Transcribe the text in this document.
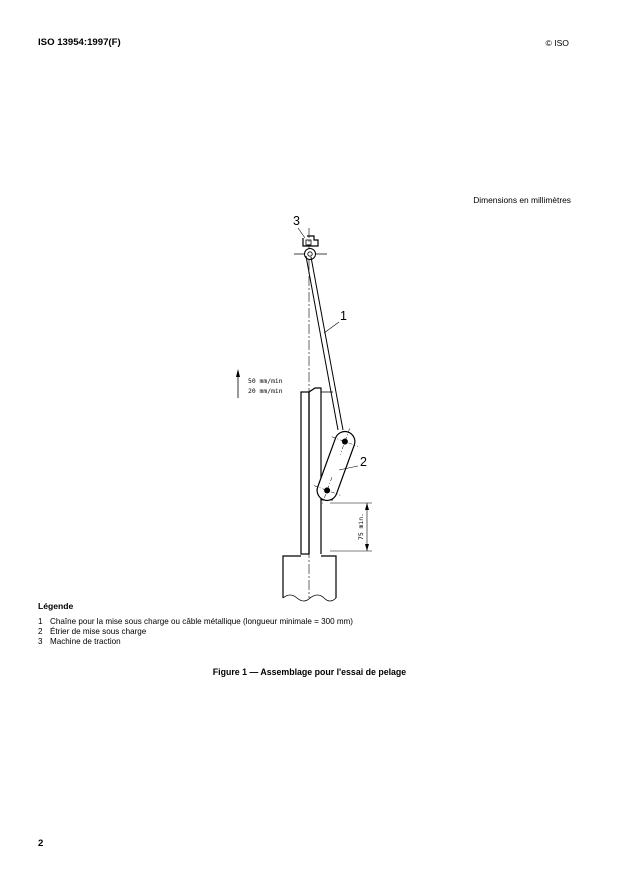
ISO 13954:1997(F)	© ISO
Dimensions en millimètres
75 min.
50 mm/min
20 mm/min
3
1
2
Légende
1 Chaîne pour la mise sous charge ou câble métallique (longueur minimale = 300 mm)
2 Étrier de mise sous charge
3 Machine de traction
Figure 1 — Assemblage pour l'essai de pelage
2
